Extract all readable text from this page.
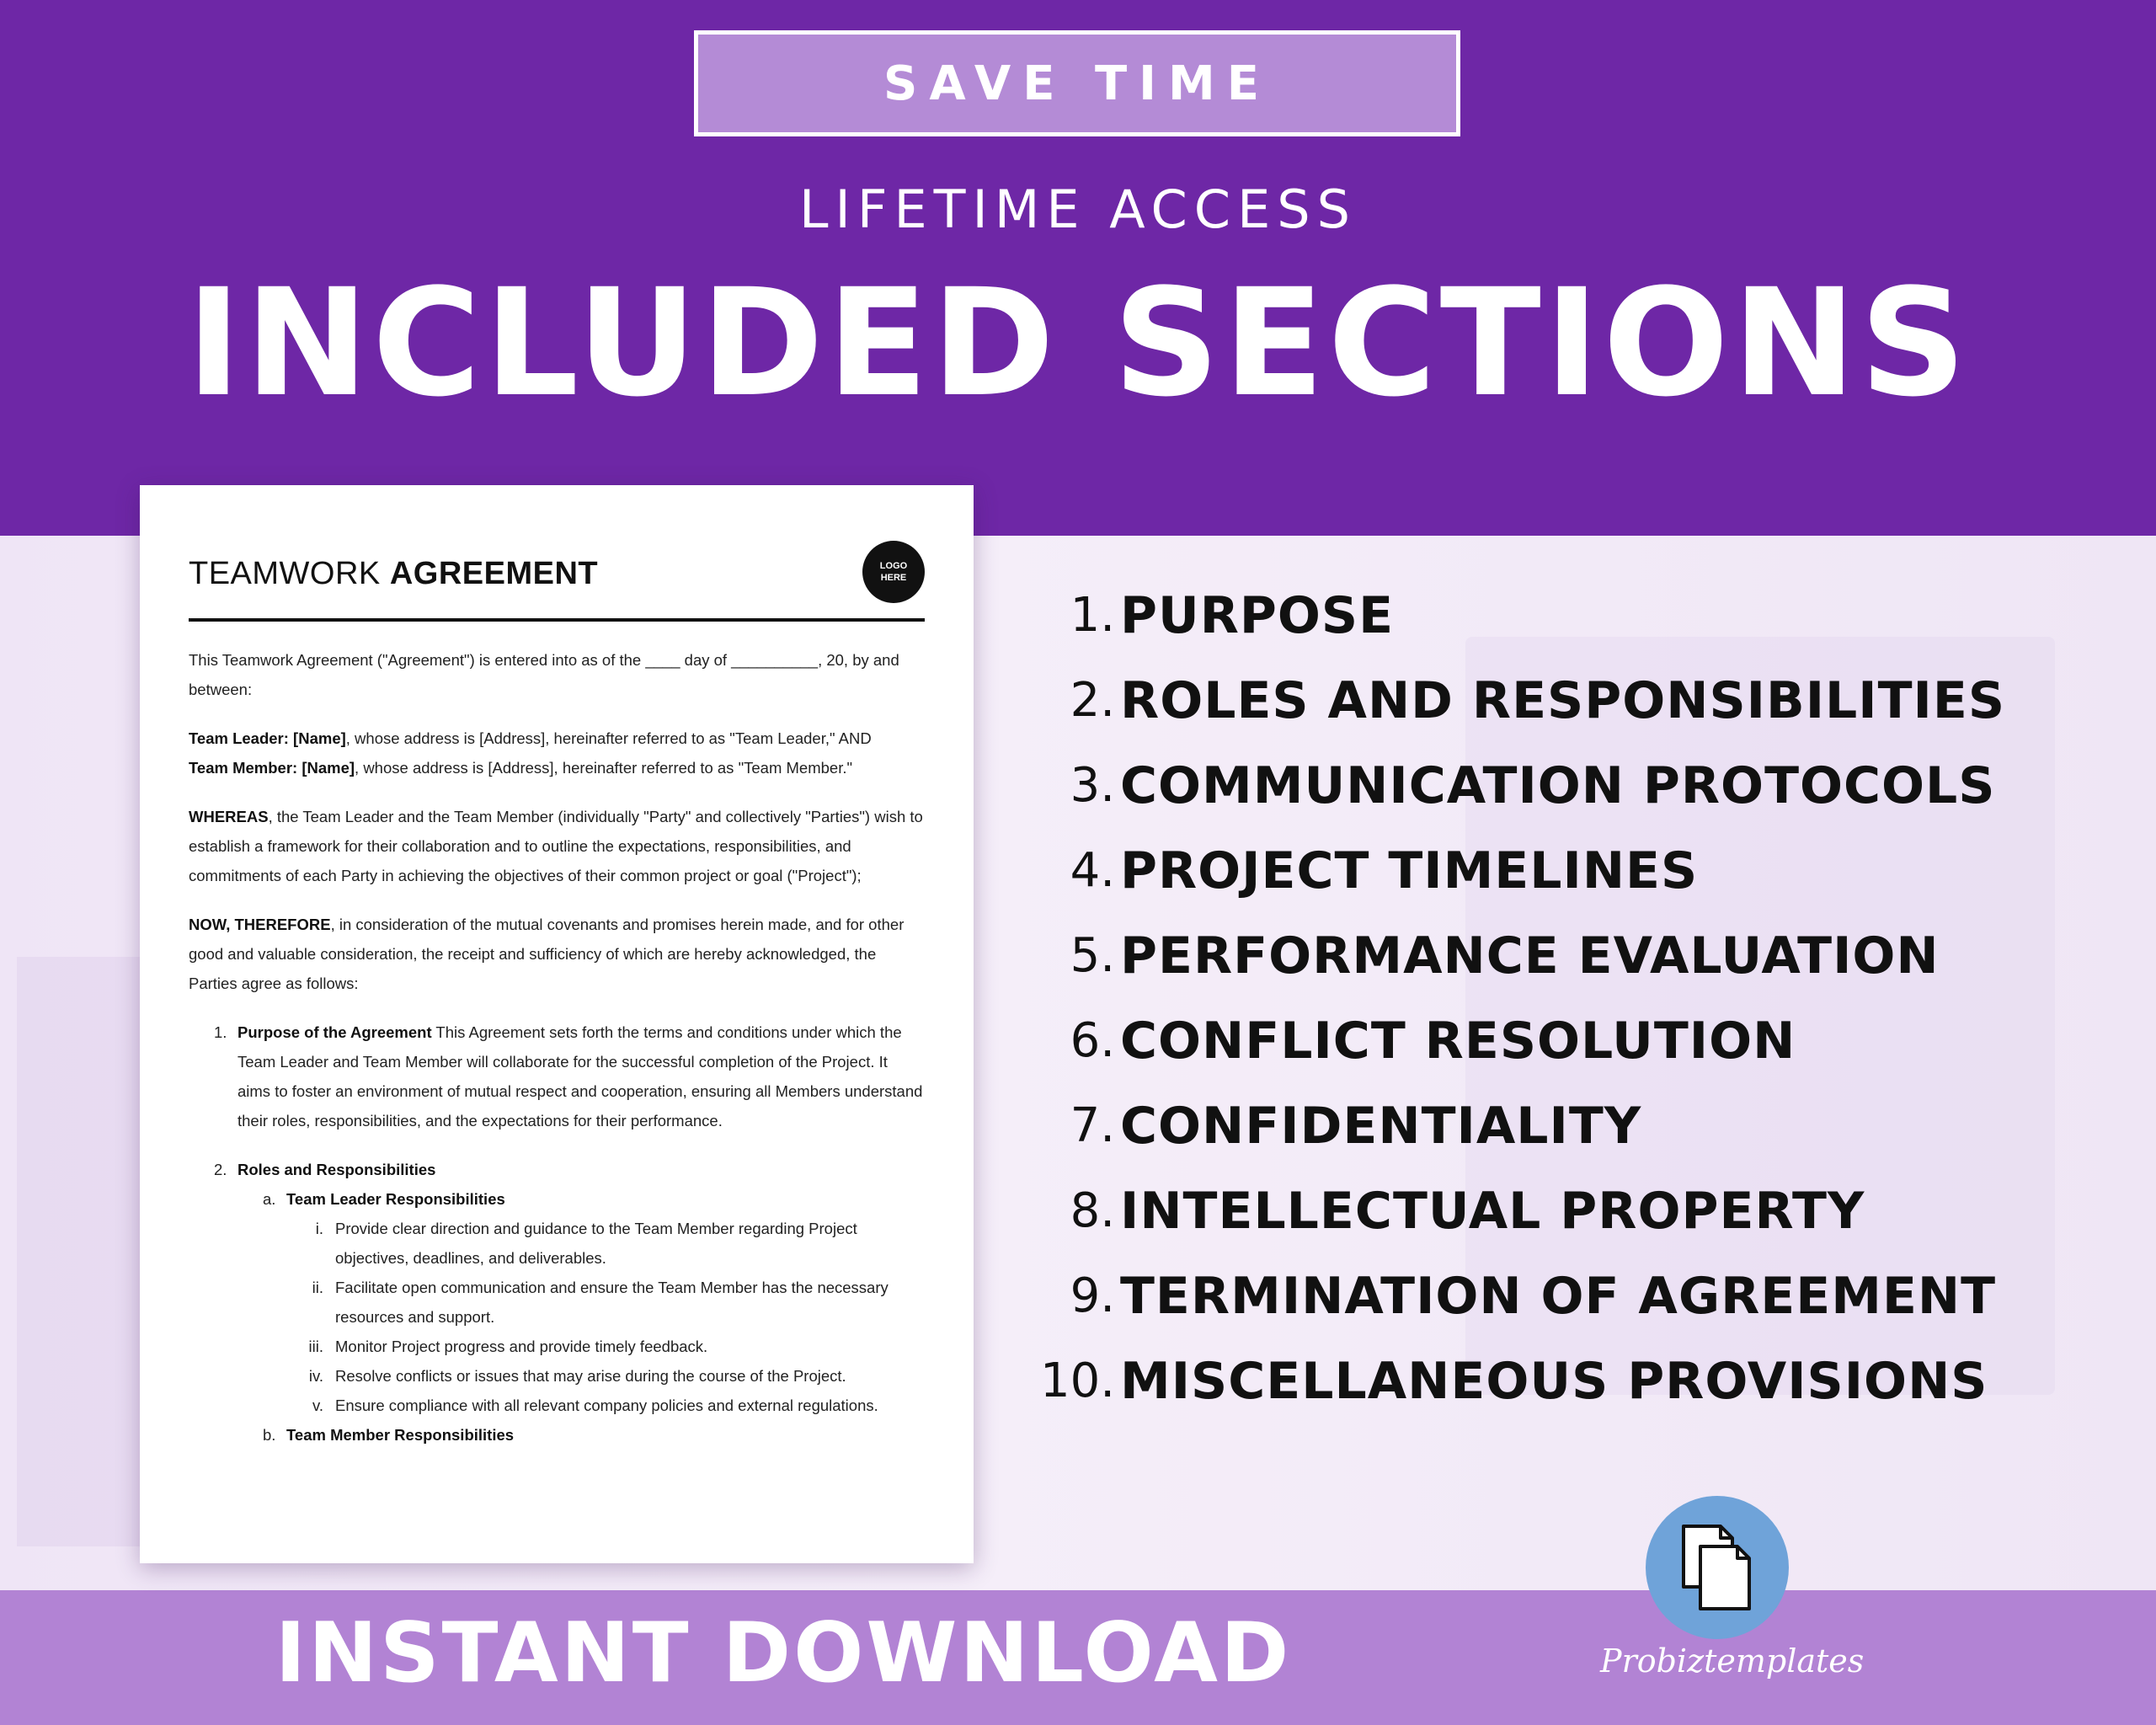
SAVE TIME
LIFETIME ACCESS
INCLUDED SECTIONS
TEAMWORK AGREEMENT	LOGO
HERE

This Teamwork Agreement ("Agreement") is entered into as of the ____ day of __________, 20, by and between:

Team Leader: [Name], whose address is [Address], hereinafter referred to as "Team Leader," AND
Team Member: [Name], whose address is [Address], hereinafter referred to as "Team Member."

WHEREAS, the Team Leader and the Team Member (individually "Party" and collectively "Parties") wish to establish a framework for their collaboration and to outline the expectations, responsibilities, and commitments of each Party in achieving the objectives of their common project or goal ("Project");

NOW, THEREFORE, in consideration of the mutual covenants and promises herein made, and for other good and valuable consideration, the receipt and sufficiency of which are hereby acknowledged, the Parties agree as follows:

1. Purpose of the Agreement This Agreement sets forth the terms and conditions under which the Team Leader and Team Member will collaborate for the successful completion of the Project. It aims to foster an environment of mutual respect and cooperation, ensuring all Members understand their roles, responsibilities, and the expectations for their performance.
2. Roles and Responsibilities
a. Team Leader Responsibilities
i. Provide clear direction and guidance to the Team Member regarding Project objectives, deadlines, and deliverables.
ii. Facilitate open communication and ensure the Team Member has the necessary resources and support.
iii. Monitor Project progress and provide timely feedback.
iv. Resolve conflicts or issues that may arise during the course of the Project.
v. Ensure compliance with all relevant company policies and external regulations.
b. Team Member Responsibilities
1. PURPOSE
2. ROLES AND RESPONSIBILITIES
3. COMMUNICATION PROTOCOLS
4. PROJECT TIMELINES
5. PERFORMANCE EVALUATION
6. CONFLICT RESOLUTION
7. CONFIDENTIALITY
8. INTELLECTUAL PROPERTY
9. TERMINATION OF AGREEMENT
10. MISCELLANEOUS PROVISIONS
INSTANT DOWNLOAD	Probiztemplates
